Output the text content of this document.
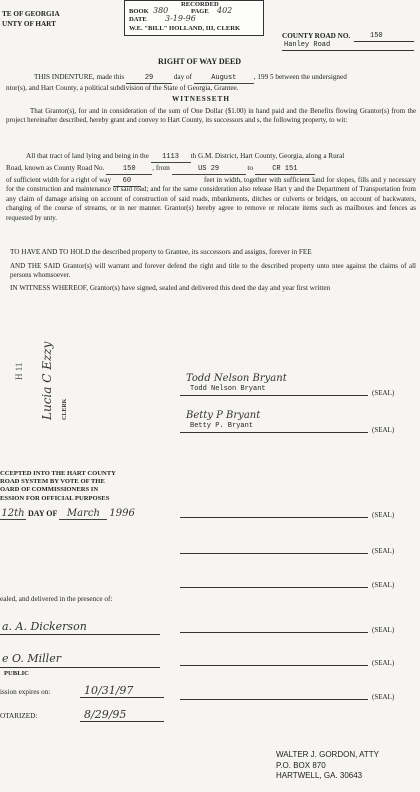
TE OF GEORGIA
UNTY OF HART
RECORDED
BOOK 380	PAGE 402
DATE 3-19-96
W.E. "BILL" HOLLAND, III, CLERK
COUNTY ROAD NO.	150
Hanley Road
RIGHT OF WAY DEED
THIS INDENTURE, made this	29	day of	August , 199 5 between the undersigned
ntor(s), and Hart County, a political subdivision of the State of Georgia, Grantee.
WITNESSETH
That Grantor(s), for and in consideration of the sum of One Dollar ($1.00) in hand paid and the Benefits flowing Grantor(s) from the project hereinafter described, hereby grant and convey to Hart County, its successors and s, the following property, to wit:
All that tract of land lying and being in the 1113 th G.M. District, Hart County, Georgia, along a Rural
Road, known as County Road No.	150 , from	US 29	to	CR 151
of sufficient width for a right of way 60	feet in width, together with sufficient land for slopes, fills and y necessary for the construction and maintenance of said road; and for the same consideration also release Hart y and the Department of Transportation from any claim of damage arising on account of construction of said roads, mbankments, ditches or culverts or bridges, on account of backwaters, changing of the course of streams, or in ner manner. Grantor(s) hereby agree to remove or relocate items such as mailboxes and fences as requested by unty.
TO HAVE AND TO HOLD the described property to Grantee, its successors and assigns, forever in FEE
AND THE SAID Grantor(s) will warrant and forever defend the right and title to the described property unto ntee against the claims of all persons whomsoever.
IN WITNESS WHEREOF, Grantor(s) have signed, sealed and delivered this deed the day and year first written
Lucia C Ezzy CLERK
H 11	Todd Nelson Bryant
Todd Nelson Bryant	(SEAL)
Betty P Bryant
Betty P. Bryant	(SEAL)
(SEAL)
(SEAL)
(SEAL)
(SEAL)
(SEAL)
(SEAL)
CCEPTED INTO THE HART COUNTY
ROAD SYSTEM BY VOTE OF THE
OARD OF COMMISSIONERS IN
ESSION FOR OFFICIAL PURPOSES
12th DAY OF March 1996
ealed, and delivered in the presence of:
a. A. Dickerson
e O. Miller
PUBLIC
ission expires on:	10/31/97
OTARIZED:	8/29/95
WALTER J. GORDON, ATTY
P.O. BOX 870
HARTWELL, GA. 30643
